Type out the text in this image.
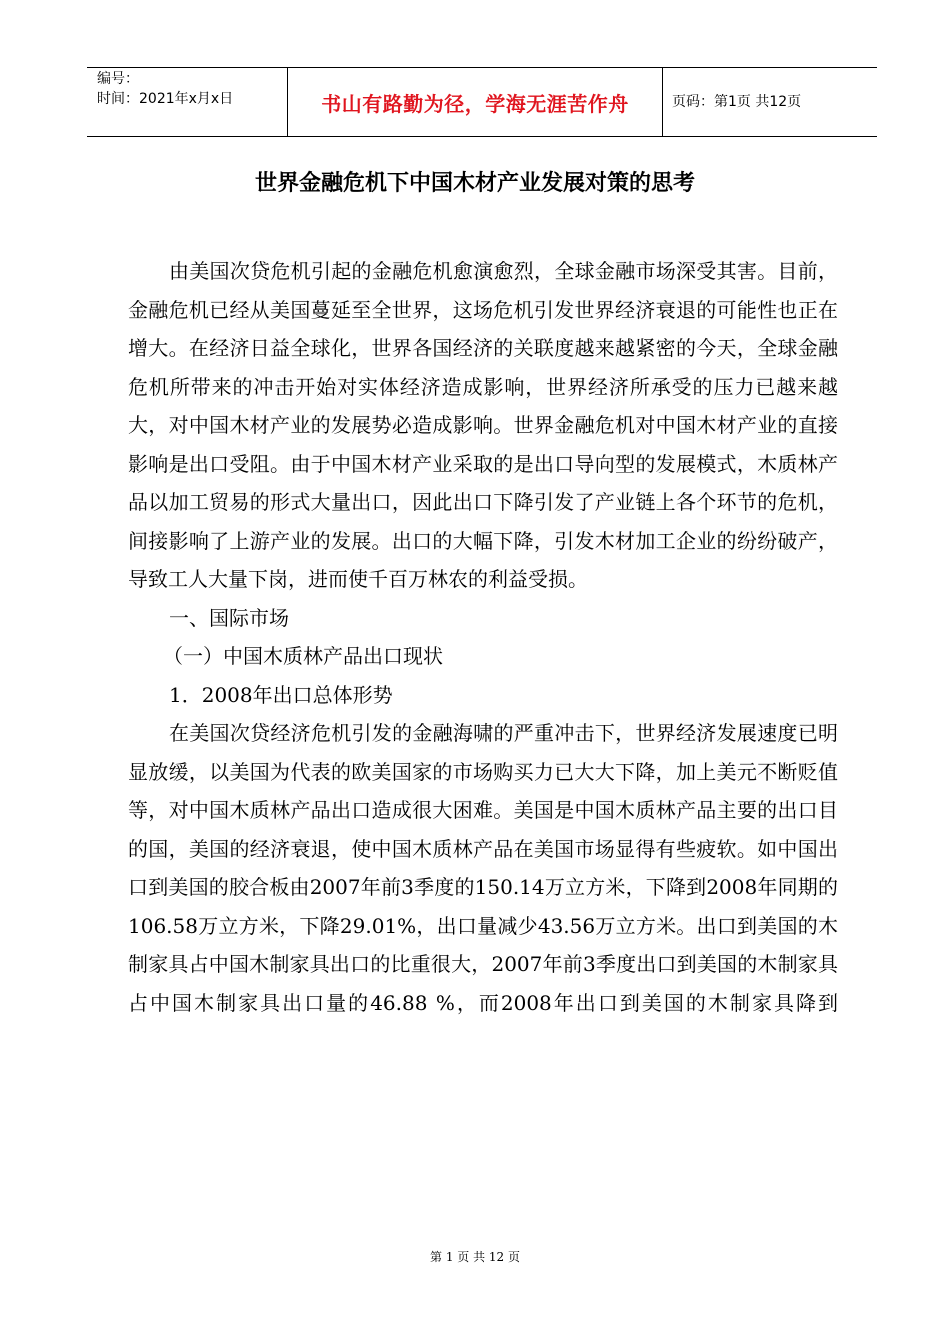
编号：
时间：2021年x月x日	书山有路勤为径，学海无涯苦作舟	页码：第1页 共12页
世界金融危机下中国木材产业发展对策的思考

由美国次贷危机引起的金融危机愈演愈烈，全球金融市场深受其害。目前，金融危机已经从美国蔓延至全世界，这场危机引发世界经济衰退的可能性也正在增大。在经济日益全球化，世界各国经济的关联度越来越紧密的今天，全球金融危机所带来的冲击开始对实体经济造成影响，世界经济所承受的压力已越来越大，对中国木材产业的发展势必造成影响。世界金融危机对中国木材产业的直接影响是出口受阻。由于中国木材产业采取的是出口导向型的发展模式，木质林产品以加工贸易的形式大量出口，因此出口下降引发了产业链上各个环节的危机，间接影响了上游产业的发展。出口的大幅下降，引发木材加工企业的纷纷破产，导致工人大量下岗，进而使千百万林农的利益受损。

一、国际市场

（一）中国木质林产品出口现状

1．2008年出口总体形势

在美国次贷经济危机引发的金融海啸的严重冲击下，世界经济发展速度已明显放缓，以美国为代表的欧美国家的市场购买力已大大下降，加上美元不断贬值等，对中国木质林产品出口造成很大困难。美国是中国木质林产品主要的出口目的国，美国的经济衰退，使中国木质林产品在美国市场显得有些疲软。如中国出口到美国的胶合板由2007年前3季度的150.14万立方米，下降到2008年同期的106.58万立方米，下降29.01%，出口量减少43.56万立方米。出口到美国的木制家具占中国木制家具出口的比重很大，2007年前3季度出口到美国的木制家具占中国木制家具出口量的46.88 %，而2008年出口到美国的木制家具降到

第 1 页 共 12 页
